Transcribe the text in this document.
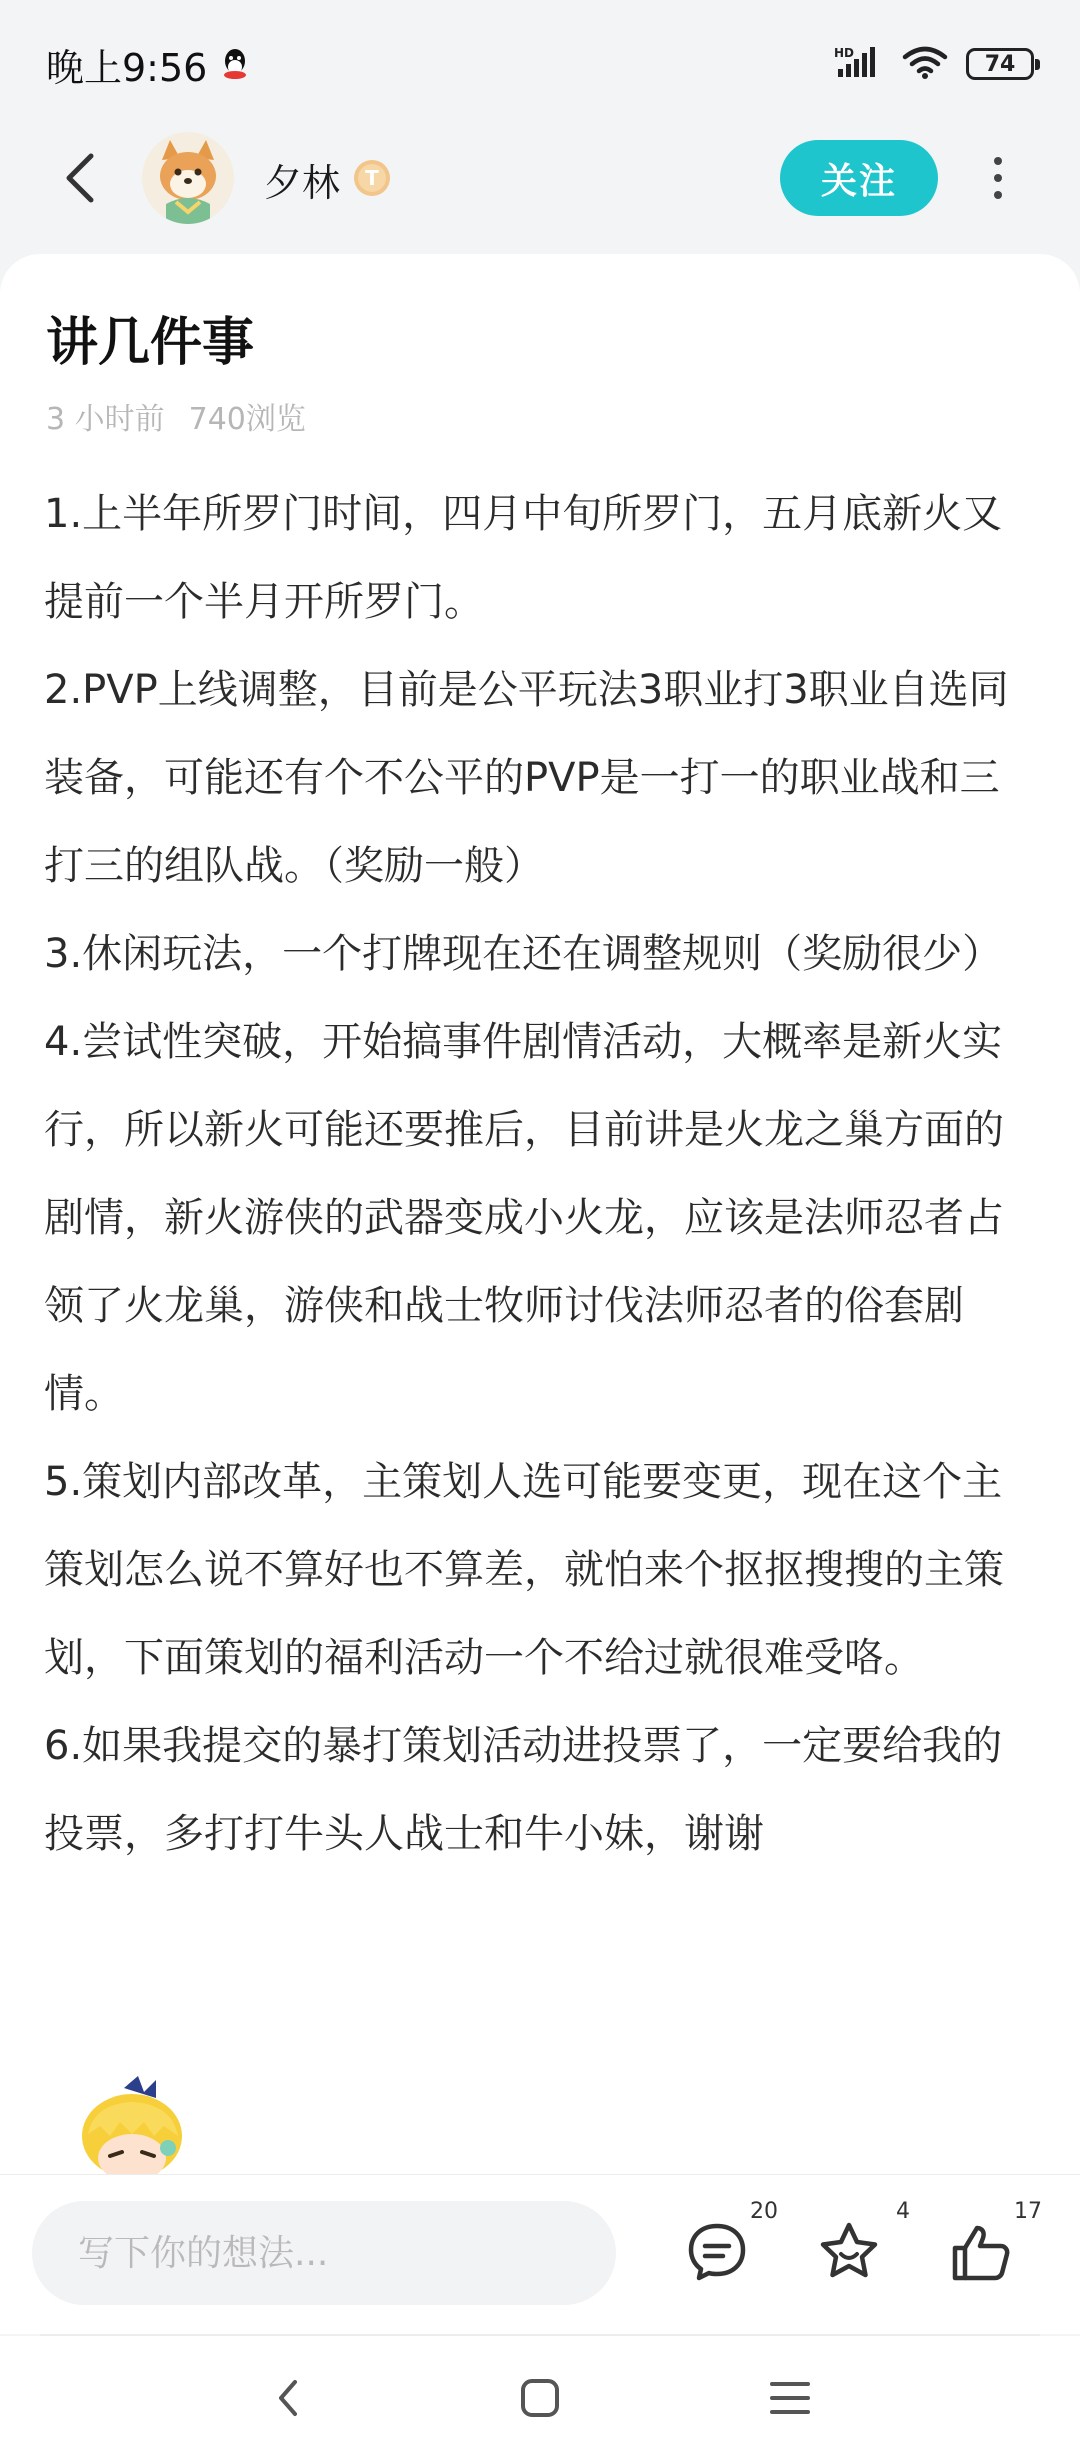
晚上9:56	HD	74
夕林 T	关注
讲几件事
3 小时前 740浏览

1.上半年所罗门时间，四月中旬所罗门，五月底新火又提前一个半月开所罗门。

2.PVP上线调整，目前是公平玩法3职业打3职业自选同装备，可能还有个不公平的PVP是一打一的职业战和三打三的组队战。（奖励一般）

3.休闲玩法，一个打牌现在还在调整规则（奖励很少）

4.尝试性突破，开始搞事件剧情活动，大概率是新火实行，所以新火可能还要推后，目前讲是火龙之巢方面的剧情，新火游侠的武器变成小火龙，应该是法师忍者占领了火龙巢，游侠和战士牧师讨伐法师忍者的俗套剧情。

5.策划内部改革，主策划人选可能要变更，现在这个主策划怎么说不算好也不算差，就怕来个抠抠搜搜的主策划，下面策划的福利活动一个不给过就很难受咯。

6.如果我提交的暴打策划活动进投票了，一定要给我的投票，多打打牛头人战士和牛小妹，谢谢

写下你的想法...
20	4	17
